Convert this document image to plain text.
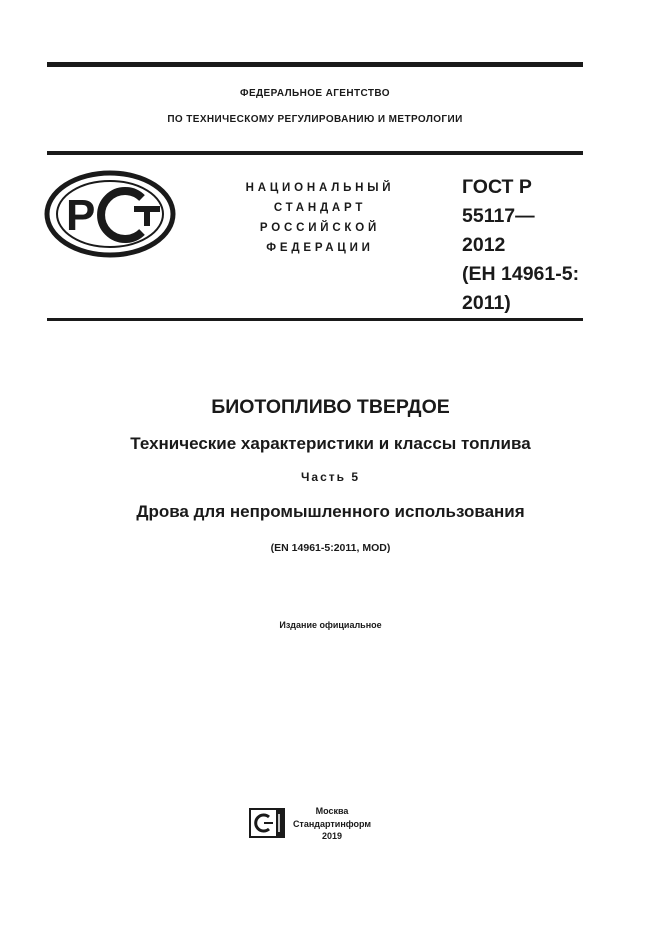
ФЕДЕРАЛЬНОЕ АГЕНТСТВО
ПО ТЕХНИЧЕСКОМУ РЕГУЛИРОВАНИЮ И МЕТРОЛОГИИ
P
НАЦИОНАЛЬНЫЙ
СТАНДАРТ
РОССИЙСКОЙ
ФЕДЕРАЦИИ
ГОСТ Р
55117—
2012
(ЕН 14961-5:
2011)
БИОТОПЛИВО ТВЕРДОЕ
Технические характеристики и классы топлива
Часть 5
Дрова для непромышленного использования
(EN 14961-5:2011, MOD)
Издание официальное
Москва
Стандартинформ
2019
